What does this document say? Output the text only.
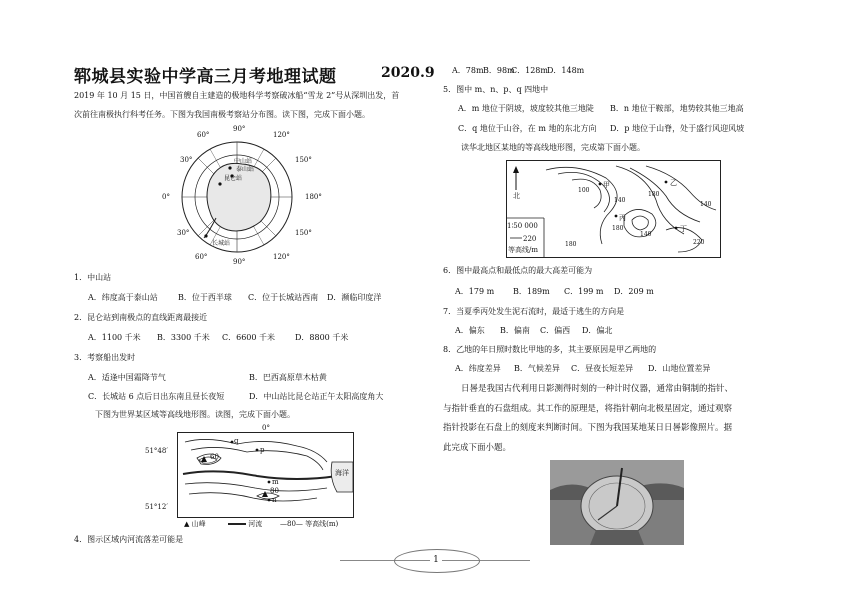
郓城县实验中学高三月考地理试题	2020.9
2019 年 10 月 15 日，中国首艘自主建造的极地科学考察破冰船“雪龙 2”号从深圳出发，首
次前往南极执行科考任务。下图为我国南极考察站分布图。读下图，完成下面小题。
60°
30°
0°
30°
60°
120°
150°
180°
150°
120°
90°
90°
中山站
泰山站
昆仑站
长城站
1．中山站
A．纬度高于泰山站	B．位于西半球 C．位于长城站西南 D．濒临印度洋
2．昆仑站到南极点的直线距离最接近
A．1100 千米 B．3300 千米 C．6600 千米 D．8800 千米
3．考察船出发时
A．适逢中国霜降节气	B．巴西高原草木枯黄
C．长城站 6 点后日出东南且昼长夜短	D．中山站比昆仑站正午太阳高度角大
下图为世界某区域等高线地形图。读图，完成下面小题。
0°
51°48′
51°12′
q
p
m
n
60
80
海洋
▲ 山峰	河流	—80— 等高线(m)
4．图示区域内河流落差可能是
A．78m B．98m
C．128m D．148m
5．图中 m、n、p、q 四地中
A．m 地位于阴坡，坡度较其他三地陡 B．n 地位于鞍部，地势较其他三地高
C．q 地位于山谷，在 m 地的东北方向 D．p 地位于山脊，处于盛行风迎风坡
读华北地区某地的等高线地形图，完成第下面小题。
北
1∶50 000
220
等高线/m
甲	乙
丙
丁
100
140
180
140
180
220
180
140
6．图中最高点和最低点的最大高差可能为
A．179 m B．189m C．199 m D．209 m
7．当夏季丙处发生泥石流时，最适于逃生的方向是
A．偏东 B．偏南 C．偏西 D．偏北
8．乙地的年日照时数比甲地的多，其主要原因是甲乙两地的
A．纬度差异 B．气候差异 C．昼夜长短差异 D．山地位置差异
日晷是我国古代利用日影测得时刻的一种计时仪器，通常由铜制的指针、
与指针垂直的石盘组成。其工作的原理是，将指针朝向北极星固定，通过观察
指针投影在石盘上的刻度来判断时间。下图为我国某地某日日晷影像照片。据
此完成下面小题。
1
